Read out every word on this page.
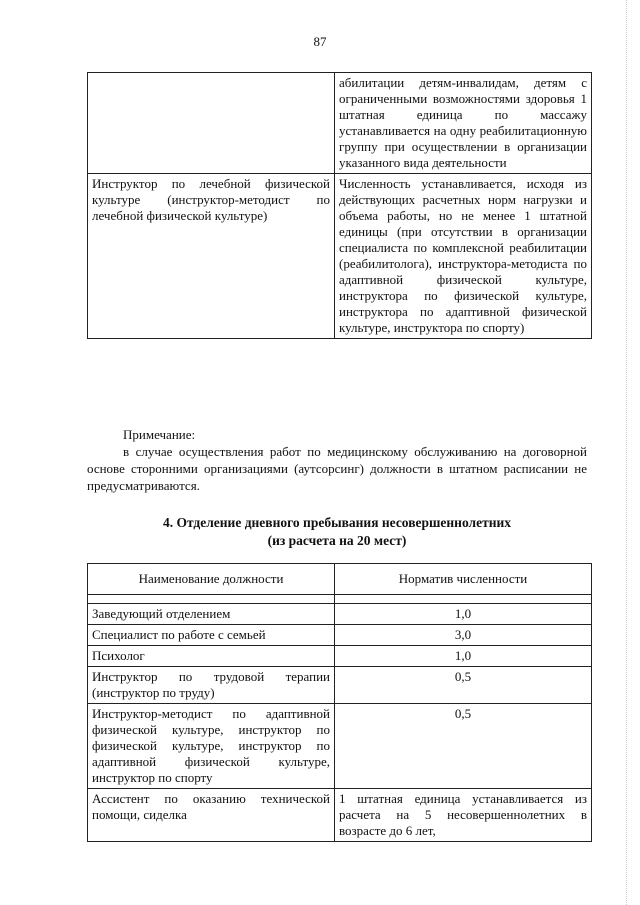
87
	абилитации детям-инвалидам, детям с ограниченными возможностями здоровья 1 штатная единица по массажу устанавливается на одну реабилитационную группу при осуществлении в организации указанного вида деятельности
Инструктор по лечебной физической культуре (инструктор-методист по лечебной физической культуре)	Численность устанавливается, исходя из действующих расчетных норм нагрузки и объема работы, но не менее 1 штатной единицы (при отсутствии в организации специалиста по комплексной реабилитации (реабилитолога), инструктора-методиста по адаптивной физической культуре, инструктора по физической культуре, инструктора по адаптивной физической культуре, инструктора по спорту)
Примечание:
в случае осуществления работ по медицинскому обслуживанию на договорной основе сторонними организациями (аутсорсинг) должности в штатном расписании не предусматриваются.
4. Отделение дневного пребывания несовершеннолетних
(из расчета на 20 мест)
Наименование должности	Норматив численности

Заведующий отделением	1,0
Специалист по работе с семьей	3,0
Психолог	1,0
Инструктор по трудовой терапии (инструктор по труду)	0,5
Инструктор-методист по адаптивной физической культуре, инструктор по физической культуре, инструктор по адаптивной физической культуре, инструктор по спорту	0,5
Ассистент по оказанию технической помощи, сиделка	1 штатная единица устанавливается из расчета на 5 несовершеннолетних в возрасте до 6 лет,
